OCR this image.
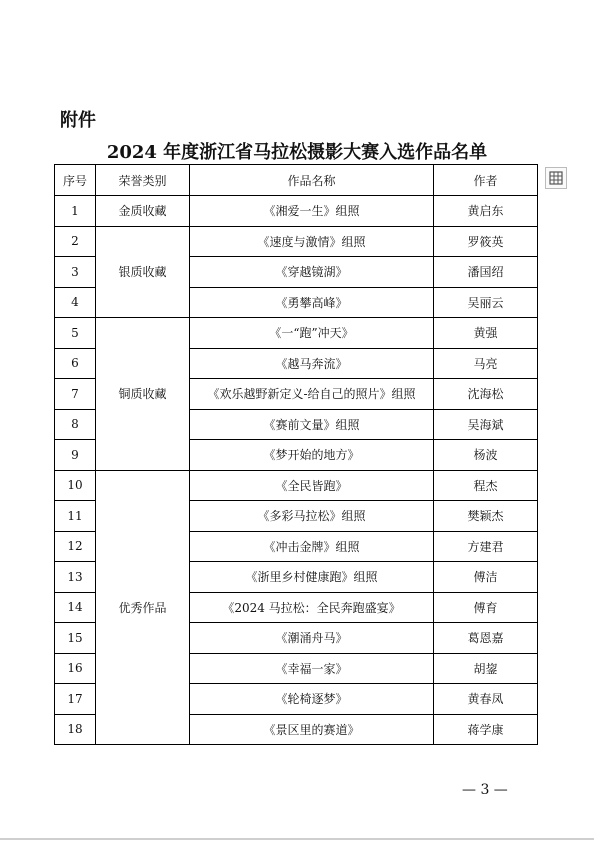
附件
2024 年度浙江省马拉松摄影大赛入选作品名单
序号	荣誉类别	作品名称	作者
1	金质收藏	《湘爱一生》组照	黄启东
2	银质收藏	《速度与激情》组照	罗筱英
3		《穿越镜湖》	潘国绍
4		《勇攀高峰》	吴丽云
5	铜质收藏	《一“跑”冲天》	黄强
6		《越马奔流》	马亮
7		《欢乐越野新定义-给自己的照片》组照	沈海松
8		《赛前文量》组照	吴海斌
9		《梦开始的地方》	杨波
10	优秀作品	《全民皆跑》	程杰
11		《多彩马拉松》组照	樊颖杰
12		《冲击金牌》组照	方建君
13		《浙里乡村健康跑》组照	傅洁
14		《2024 马拉松：全民奔跑盛宴》	傅育
15		《潮涌舟马》	葛恩嘉
16		《幸福一家》	胡鋆
17		《轮椅逐梦》	黄春凤
18		《景区里的赛道》	蒋学康
— 3 —
